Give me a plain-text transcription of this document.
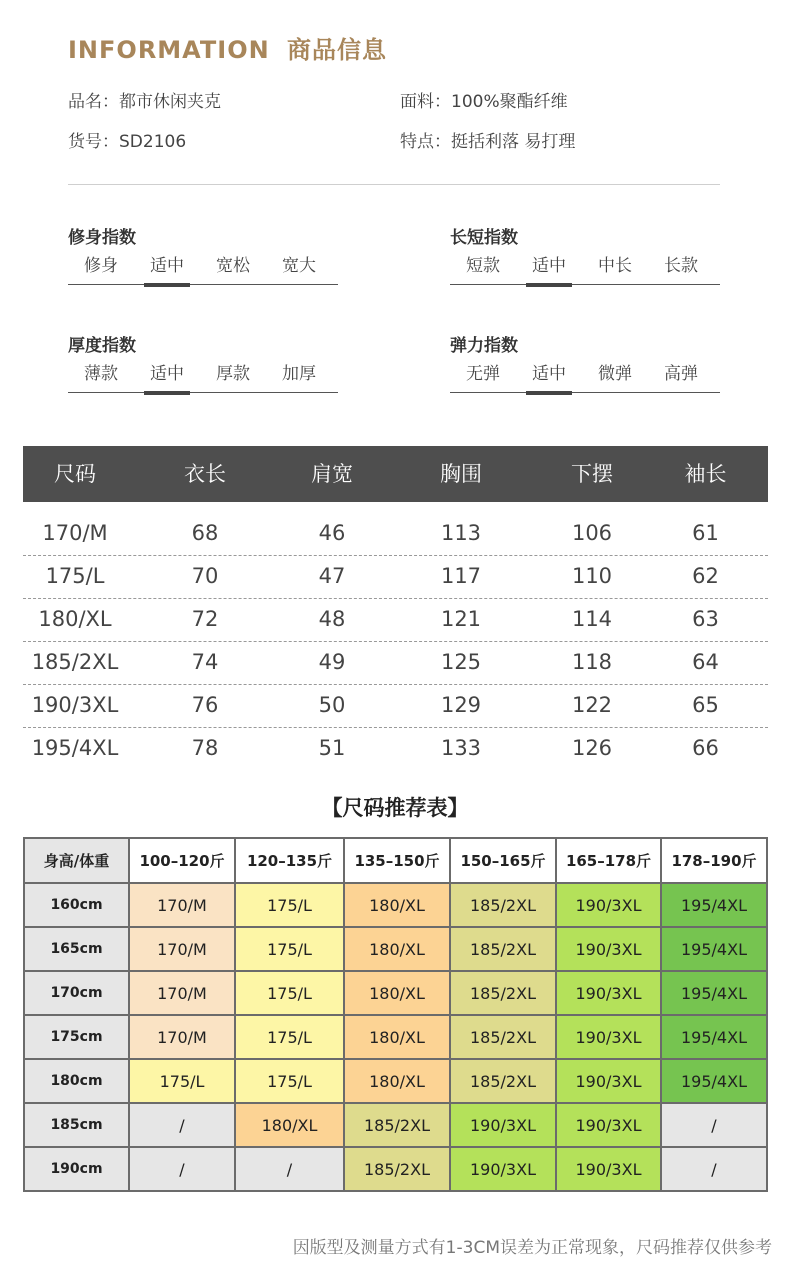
INFORMATION 商品信息
品名：都市休闲夹克	面料：100%聚酯纤维
货号：SD2106	特点：挺括利落 易打理
修身指数
修身	适中	宽松	宽大
长短指数
短款	适中	中长	长款
厚度指数
薄款	适中	厚款	加厚
弹力指数
无弹	适中	微弹	高弹
尺码	衣长	肩宽	胸围	下摆	袖长
170/M	68	46	113	106	61
175/L	70	47	117	110	62
180/XL	72	48	121	114	63
185/2XL	74	49	125	118	64
190/3XL	76	50	129	122	65
195/4XL	78	51	133	126	66
【尺码推荐表】
身高/体重	100–120斤	120–135斤	135–150斤	150–165斤	165–178斤	178–190斤
160cm	170/M	175/L	180/XL	185/2XL	190/3XL	195/4XL
165cm	170/M	175/L	180/XL	185/2XL	190/3XL	195/4XL
170cm	170/M	175/L	180/XL	185/2XL	190/3XL	195/4XL
175cm	170/M	175/L	180/XL	185/2XL	190/3XL	195/4XL
180cm	175/L	175/L	180/XL	185/2XL	190/3XL	195/4XL
185cm	/	180/XL	185/2XL	190/3XL	190/3XL	/
190cm	/	/	185/2XL	190/3XL	190/3XL	/
因版型及测量方式有1-3CM误差为正常现象，尺码推荐仅供参考
